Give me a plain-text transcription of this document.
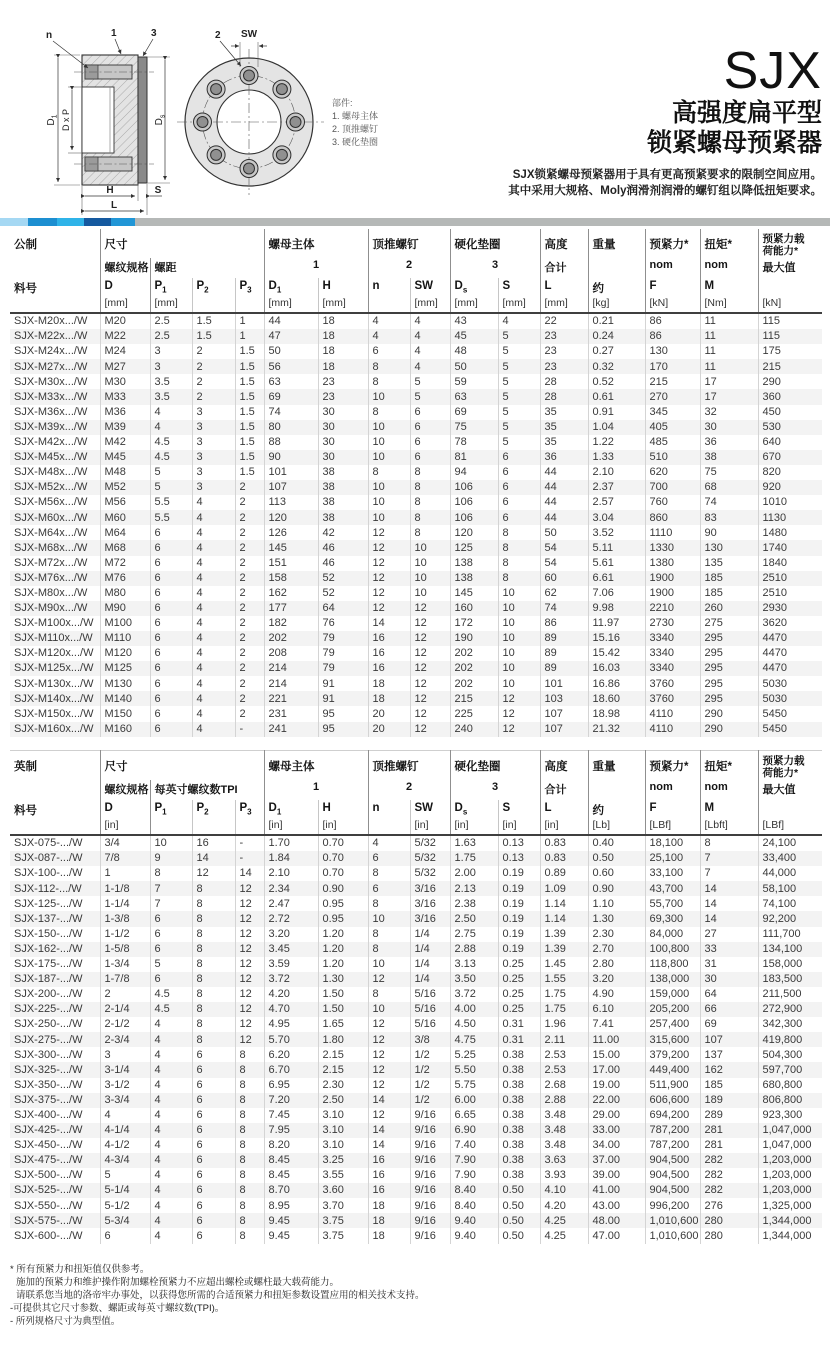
$D_1$ D x P	$D_s$
H	S
L
n	1	3	SW
2
部件:
1. 螺母主体
2. 顶推螺钉
3. 硬化垫圈
SJX
高强度扁平型
锁紧螺母预紧器
SJX锁紧螺母预紧器用于具有更高预紧要求的限制空间应用。
其中采用大规格、Moly润滑剂润滑的螺钉组以降低扭矩要求。
公制	尺寸				螺母主体		顶推螺钉		硬化垫圈		高度	重量	预紧力*	扭矩*	预紧力载
荷能力*
	螺纹规格	螺距			1		2		3		合计		nom	nom	最大值
料号	D	$P_1$	$P_2$	$P_3$	$D_1$	H	n	SW	$D_s$	S	L	约	F	M	
	[mm]	[mm]			[mm]	[mm]		[mm]	[mm]	[mm]	[mm]	[kg]	[kN]	[Nm]	[kN]
SJX-M20x.../W	M20	2.5	1.5	1	44	18	4	4	43	4	22	0.21	86	11	115
SJX-M22x.../W	M22	2.5	1.5	1	47	18	4	4	45	5	23	0.24	86	11	115
SJX-M24x.../W	M24	3	2	1.5	50	18	6	4	48	5	23	0.27	130	11	175
SJX-M27x.../W	M27	3	2	1.5	56	18	8	4	50	5	23	0.32	170	11	215
SJX-M30x.../W	M30	3.5	2	1.5	63	23	8	5	59	5	28	0.52	215	17	290
SJX-M33x.../W	M33	3.5	2	1.5	69	23	10	5	63	5	28	0.61	270	17	360
SJX-M36x.../W	M36	4	3	1.5	74	30	8	6	69	5	35	0.91	345	32	450
SJX-M39x.../W	M39	4	3	1.5	80	30	10	6	75	5	35	1.04	405	30	530
SJX-M42x.../W	M42	4.5	3	1.5	88	30	10	6	78	5	35	1.22	485	36	640
SJX-M45x.../W	M45	4.5	3	1.5	90	30	10	6	81	6	36	1.33	510	38	670
SJX-M48x.../W	M48	5	3	1.5	101	38	8	8	94	6	44	2.10	620	75	820
SJX-M52x.../W	M52	5	3	2	107	38	10	8	106	6	44	2.37	700	68	920
SJX-M56x.../W	M56	5.5	4	2	113	38	10	8	106	6	44	2.57	760	74	1010
SJX-M60x.../W	M60	5.5	4	2	120	38	10	8	106	6	44	3.04	860	83	1130
SJX-M64x.../W	M64	6	4	2	126	42	12	8	120	8	50	3.52	1110	90	1480
SJX-M68x.../W	M68	6	4	2	145	46	12	10	125	8	54	5.11	1330	130	1740
SJX-M72x.../W	M72	6	4	2	151	46	12	10	138	8	54	5.61	1380	135	1840
SJX-M76x.../W	M76	6	4	2	158	52	12	10	138	8	60	6.61	1900	185	2510
SJX-M80x.../W	M80	6	4	2	162	52	12	10	145	10	62	7.06	1900	185	2510
SJX-M90x.../W	M90	6	4	2	177	64	12	12	160	10	74	9.98	2210	260	2930
SJX-M100x.../W	M100	6	4	2	182	76	14	12	172	10	86	11.97	2730	275	3620
SJX-M110x.../W	M110	6	4	2	202	79	16	12	190	10	89	15.16	3340	295	4470
SJX-M120x.../W	M120	6	4	2	208	79	16	12	202	10	89	15.42	3340	295	4470
SJX-M125x.../W	M125	6	4	2	214	79	16	12	202	10	89	16.03	3340	295	4470
SJX-M130x.../W	M130	6	4	2	214	91	18	12	202	10	101	16.86	3760	295	5030
SJX-M140x.../W	M140	6	4	2	221	91	18	12	215	12	103	18.60	3760	295	5030
SJX-M150x.../W	M150	6	4	2	231	95	20	12	225	12	107	18.98	4110	290	5450
SJX-M160x.../W	M160	6	4	-	241	95	20	12	240	12	107	21.32	4110	290	5450
英制	尺寸				螺母主体		顶推螺钉		硬化垫圈		高度	重量	预紧力*	扭矩*	预紧力载
荷能力*
	螺纹规格	每英寸螺纹数TPI			1		2		3		合计		nom	nom	最大值
料号	D	$P_1$	$P_2$	$P_3$	$D_1$	H	n	SW	$D_s$	S	L	约	F	M	
	[in]				[in]	[in]		[in]	[in]	[in]	[in]	[Lb]	[LBf]	[Lbft]	[LBf]
SJX-075-.../W	3/4	10	16	-	1.70	0.70	4	5/32	1.63	0.13	0.83	0.40	18,100	8	24,100
SJX-087-.../W	7/8	9	14	-	1.84	0.70	6	5/32	1.75	0.13	0.83	0.50	25,100	7	33,400
SJX-100-.../W	1	8	12	14	2.10	0.70	8	5/32	2.00	0.19	0.89	0.60	33,100	7	44,000
SJX-112-.../W	1-1/8	7	8	12	2.34	0.90	6	3/16	2.13	0.19	1.09	0.90	43,700	14	58,100
SJX-125-.../W	1-1/4	7	8	12	2.47	0.95	8	3/16	2.38	0.19	1.14	1.10	55,700	14	74,100
SJX-137-.../W	1-3/8	6	8	12	2.72	0.95	10	3/16	2.50	0.19	1.14	1.30	69,300	14	92,200
SJX-150-.../W	1-1/2	6	8	12	3.20	1.20	8	1/4	2.75	0.19	1.39	2.30	84,000	27	111,700
SJX-162-.../W	1-5/8	6	8	12	3.45	1.20	8	1/4	2.88	0.19	1.39	2.70	100,800	33	134,100
SJX-175-.../W	1-3/4	5	8	12	3.59	1.20	10	1/4	3.13	0.25	1.45	2.80	118,800	31	158,000
SJX-187-.../W	1-7/8	6	8	12	3.72	1.30	12	1/4	3.50	0.25	1.55	3.20	138,000	30	183,500
SJX-200-.../W	2	4.5	8	12	4.20	1.50	8	5/16	3.72	0.25	1.75	4.90	159,000	64	211,500
SJX-225-.../W	2-1/4	4.5	8	12	4.70	1.50	10	5/16	4.00	0.25	1.75	6.10	205,200	66	272,900
SJX-250-.../W	2-1/2	4	8	12	4.95	1.65	12	5/16	4.50	0.31	1.96	7.41	257,400	69	342,300
SJX-275-.../W	2-3/4	4	8	12	5.70	1.80	12	3/8	4.75	0.31	2.11	11.00	315,600	107	419,800
SJX-300-.../W	3	4	6	8	6.20	2.15	12	1/2	5.25	0.38	2.53	15.00	379,200	137	504,300
SJX-325-.../W	3-1/4	4	6	8	6.70	2.15	12	1/2	5.50	0.38	2.53	17.00	449,400	162	597,700
SJX-350-.../W	3-1/2	4	6	8	6.95	2.30	12	1/2	5.75	0.38	2.68	19.00	511,900	185	680,800
SJX-375-.../W	3-3/4	4	6	8	7.20	2.50	14	1/2	6.00	0.38	2.88	22.00	606,600	189	806,800
SJX-400-.../W	4	4	6	8	7.45	3.10	12	9/16	6.65	0.38	3.48	29.00	694,200	289	923,300
SJX-425-.../W	4-1/4	4	6	8	7.95	3.10	14	9/16	6.90	0.38	3.48	33.00	787,200	281	1,047,000
SJX-450-.../W	4-1/2	4	6	8	8.20	3.10	14	9/16	7.40	0.38	3.48	34.00	787,200	281	1,047,000
SJX-475-.../W	4-3/4	4	6	8	8.45	3.25	16	9/16	7.90	0.38	3.63	37.00	904,500	282	1,203,000
SJX-500-.../W	5	4	6	8	8.45	3.55	16	9/16	7.90	0.38	3.93	39.00	904,500	282	1,203,000
SJX-525-.../W	5-1/4	4	6	8	8.70	3.60	16	9/16	8.40	0.50	4.10	41.00	904,500	282	1,203,000
SJX-550-.../W	5-1/2	4	6	8	8.95	3.70	18	9/16	8.40	0.50	4.20	43.00	996,200	276	1,325,000
SJX-575-.../W	5-3/4	4	6	8	9.45	3.75	18	9/16	9.40	0.50	4.25	48.00	1,010,600	280	1,344,000
SJX-600-.../W	6	4	6	8	9.45	3.75	18	9/16	9.40	0.50	4.25	47.00	1,010,600	280	1,344,000
* 所有预紧力和扭矩值仅供参考。
施加的预紧力和维护操作附加螺栓预紧力不应超出螺栓或螺柱最大载荷能力。
请联系您当地的洛帝牢办事处，以获得您所需的合适预紧力和扭矩参数设置应用的相关技术支持。
-可提供其它尺寸参数、螺距或每英寸螺纹数(TPI)。
- 所列规格尺寸为典型值。
